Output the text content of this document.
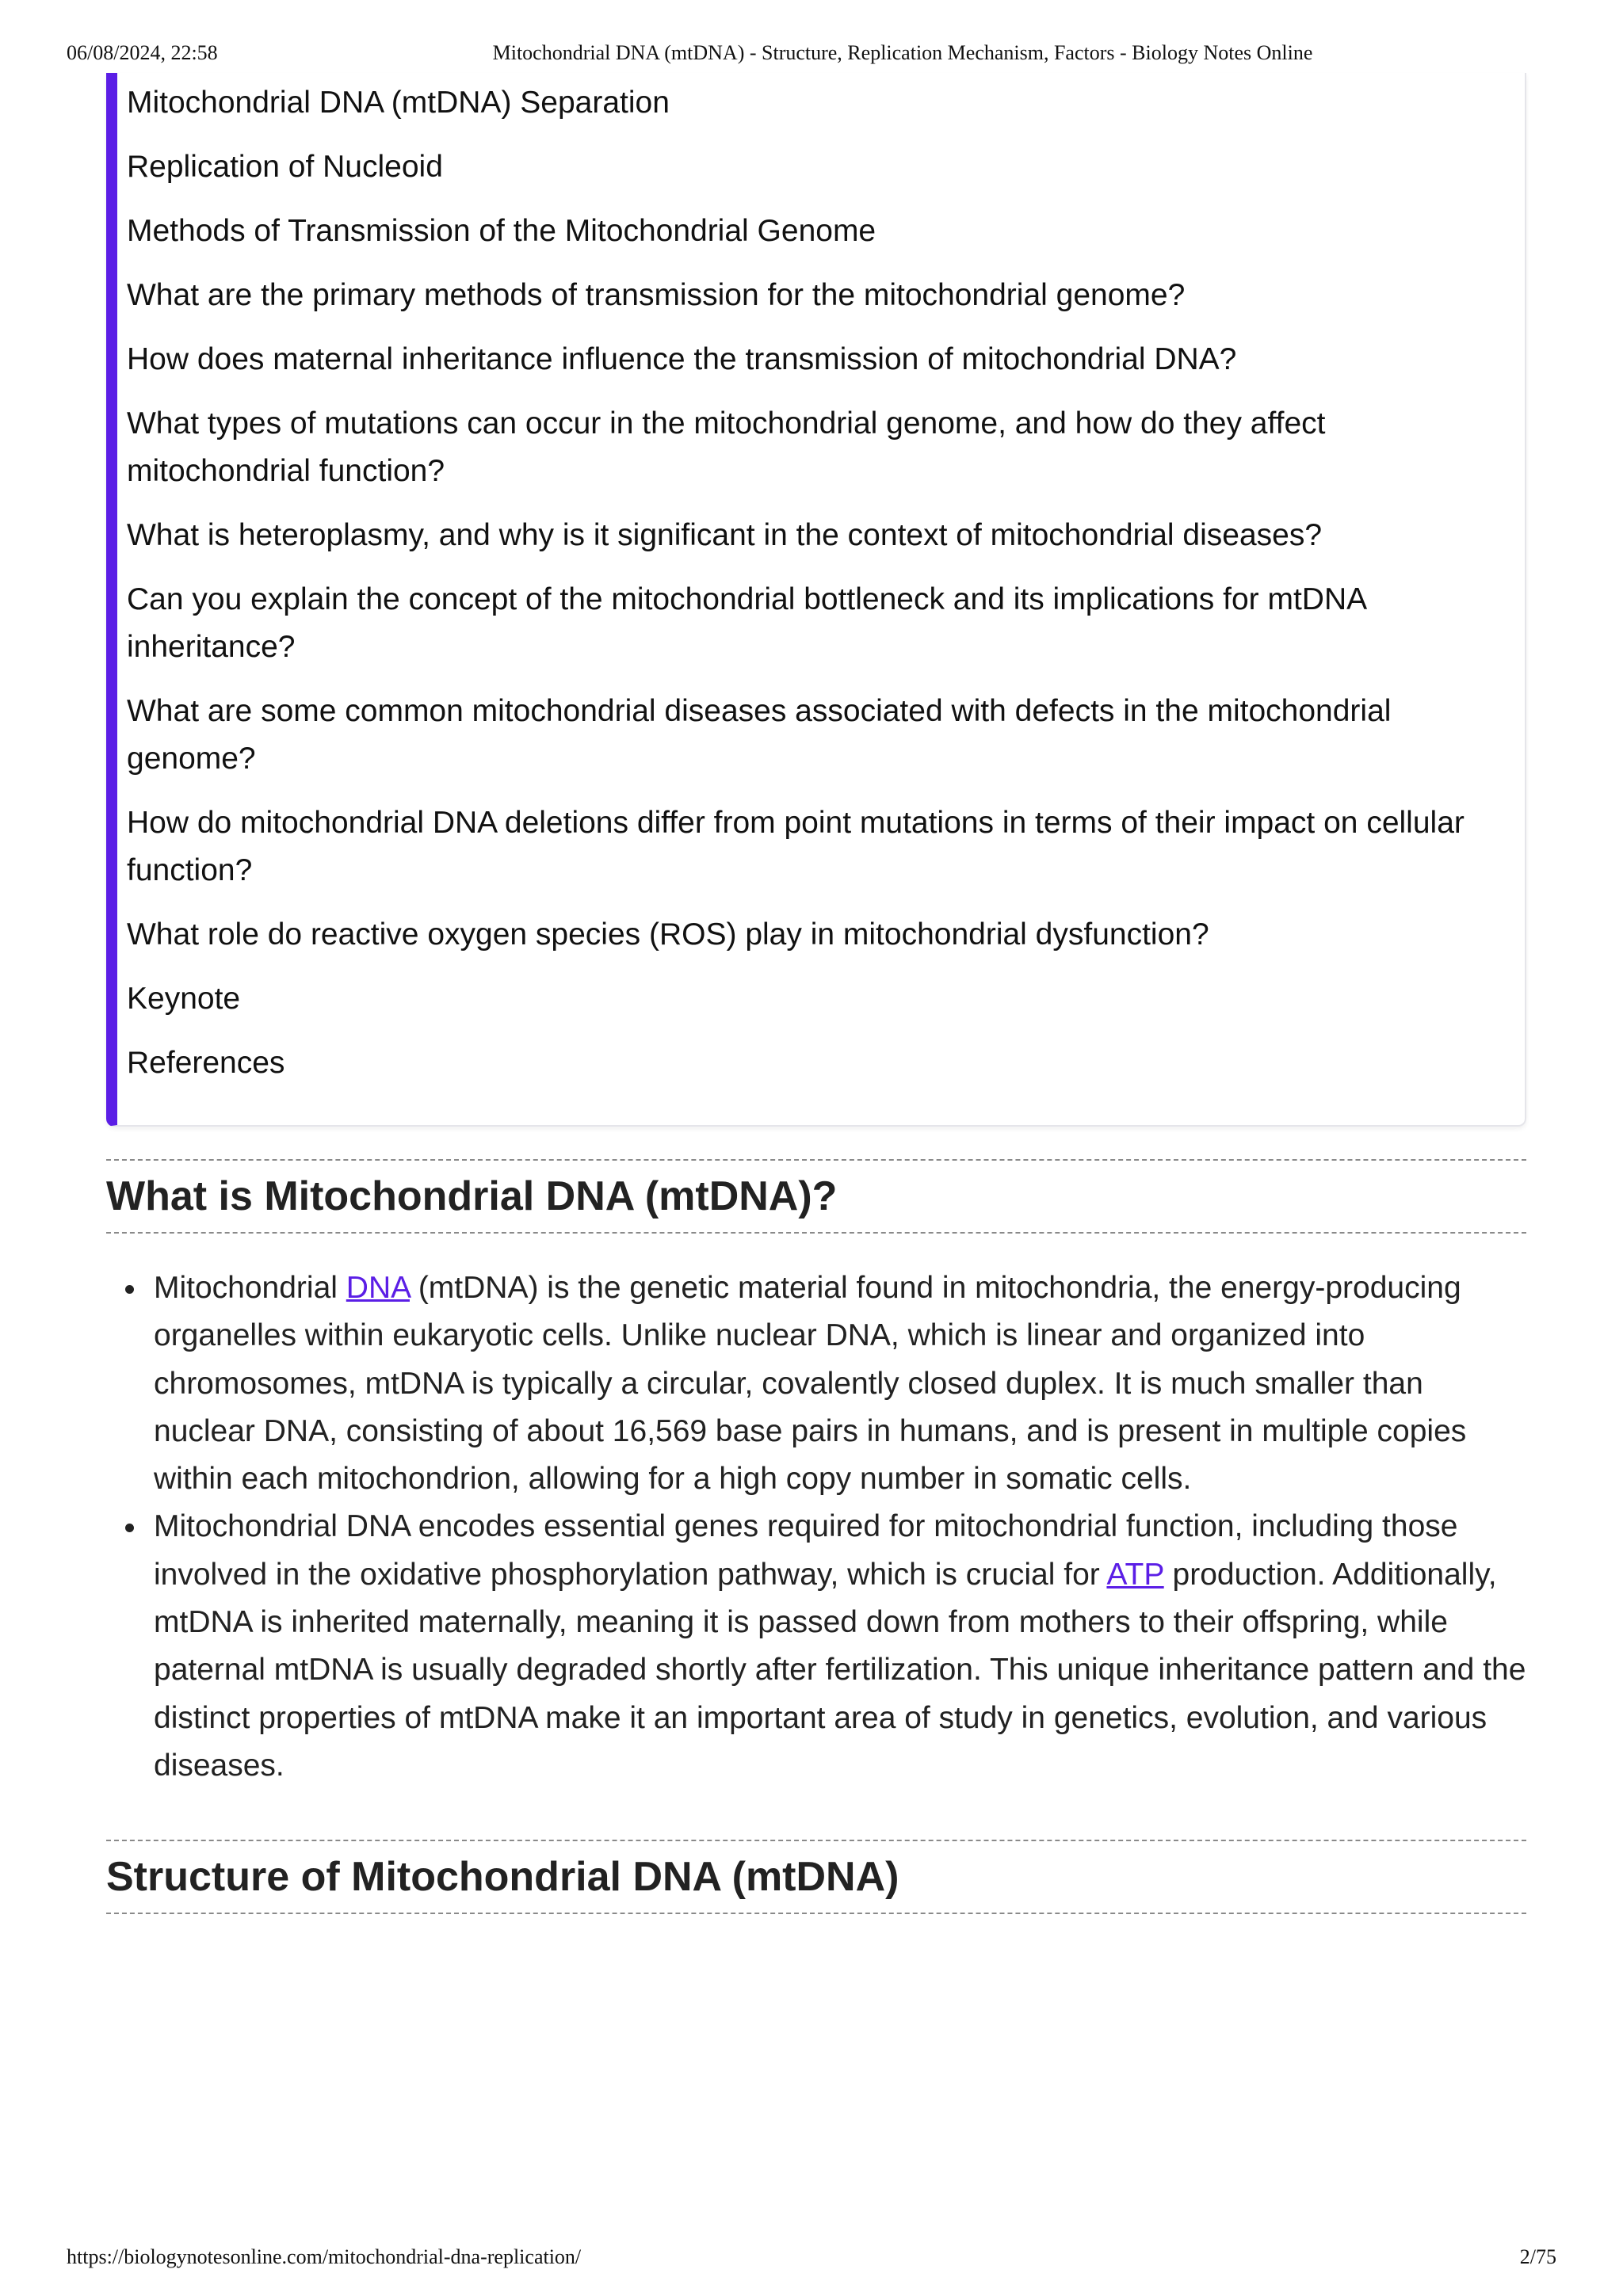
06/08/2024, 22:58	Mitochondrial DNA (mtDNA) - Structure, Replication Mechanism, Factors - Biology Notes Online
Mitochondrial DNA (mtDNA) Separation
Replication of Nucleoid
Methods of Transmission of the Mitochondrial Genome
What are the primary methods of transmission for the mitochondrial genome?
How does maternal inheritance influence the transmission of mitochondrial DNA?
What types of mutations can occur in the mitochondrial genome, and how do they affect mitochondrial function?
What is heteroplasmy, and why is it significant in the context of mitochondrial diseases?
Can you explain the concept of the mitochondrial bottleneck and its implications for mtDNA inheritance?
What are some common mitochondrial diseases associated with defects in the mitochondrial genome?
How do mitochondrial DNA deletions differ from point mutations in terms of their impact on cellular function?
What role do reactive oxygen species (ROS) play in mitochondrial dysfunction?
Keynote
References
What is Mitochondrial DNA (mtDNA)?
Mitochondrial DNA (mtDNA) is the genetic material found in mitochondria, the energy-producing organelles within eukaryotic cells. Unlike nuclear DNA, which is linear and organized into chromosomes, mtDNA is typically a circular, covalently closed duplex. It is much smaller than nuclear DNA, consisting of about 16,569 base pairs in humans, and is present in multiple copies within each mitochondrion, allowing for a high copy number in somatic cells.
Mitochondrial DNA encodes essential genes required for mitochondrial function, including those involved in the oxidative phosphorylation pathway, which is crucial for ATP production. Additionally, mtDNA is inherited maternally, meaning it is passed down from mothers to their offspring, while paternal mtDNA is usually degraded shortly after fertilization. This unique inheritance pattern and the distinct properties of mtDNA make it an important area of study in genetics, evolution, and various diseases.
Structure of Mitochondrial DNA (mtDNA)
https://biologynotesonline.com/mitochondrial-dna-replication/	2/75
